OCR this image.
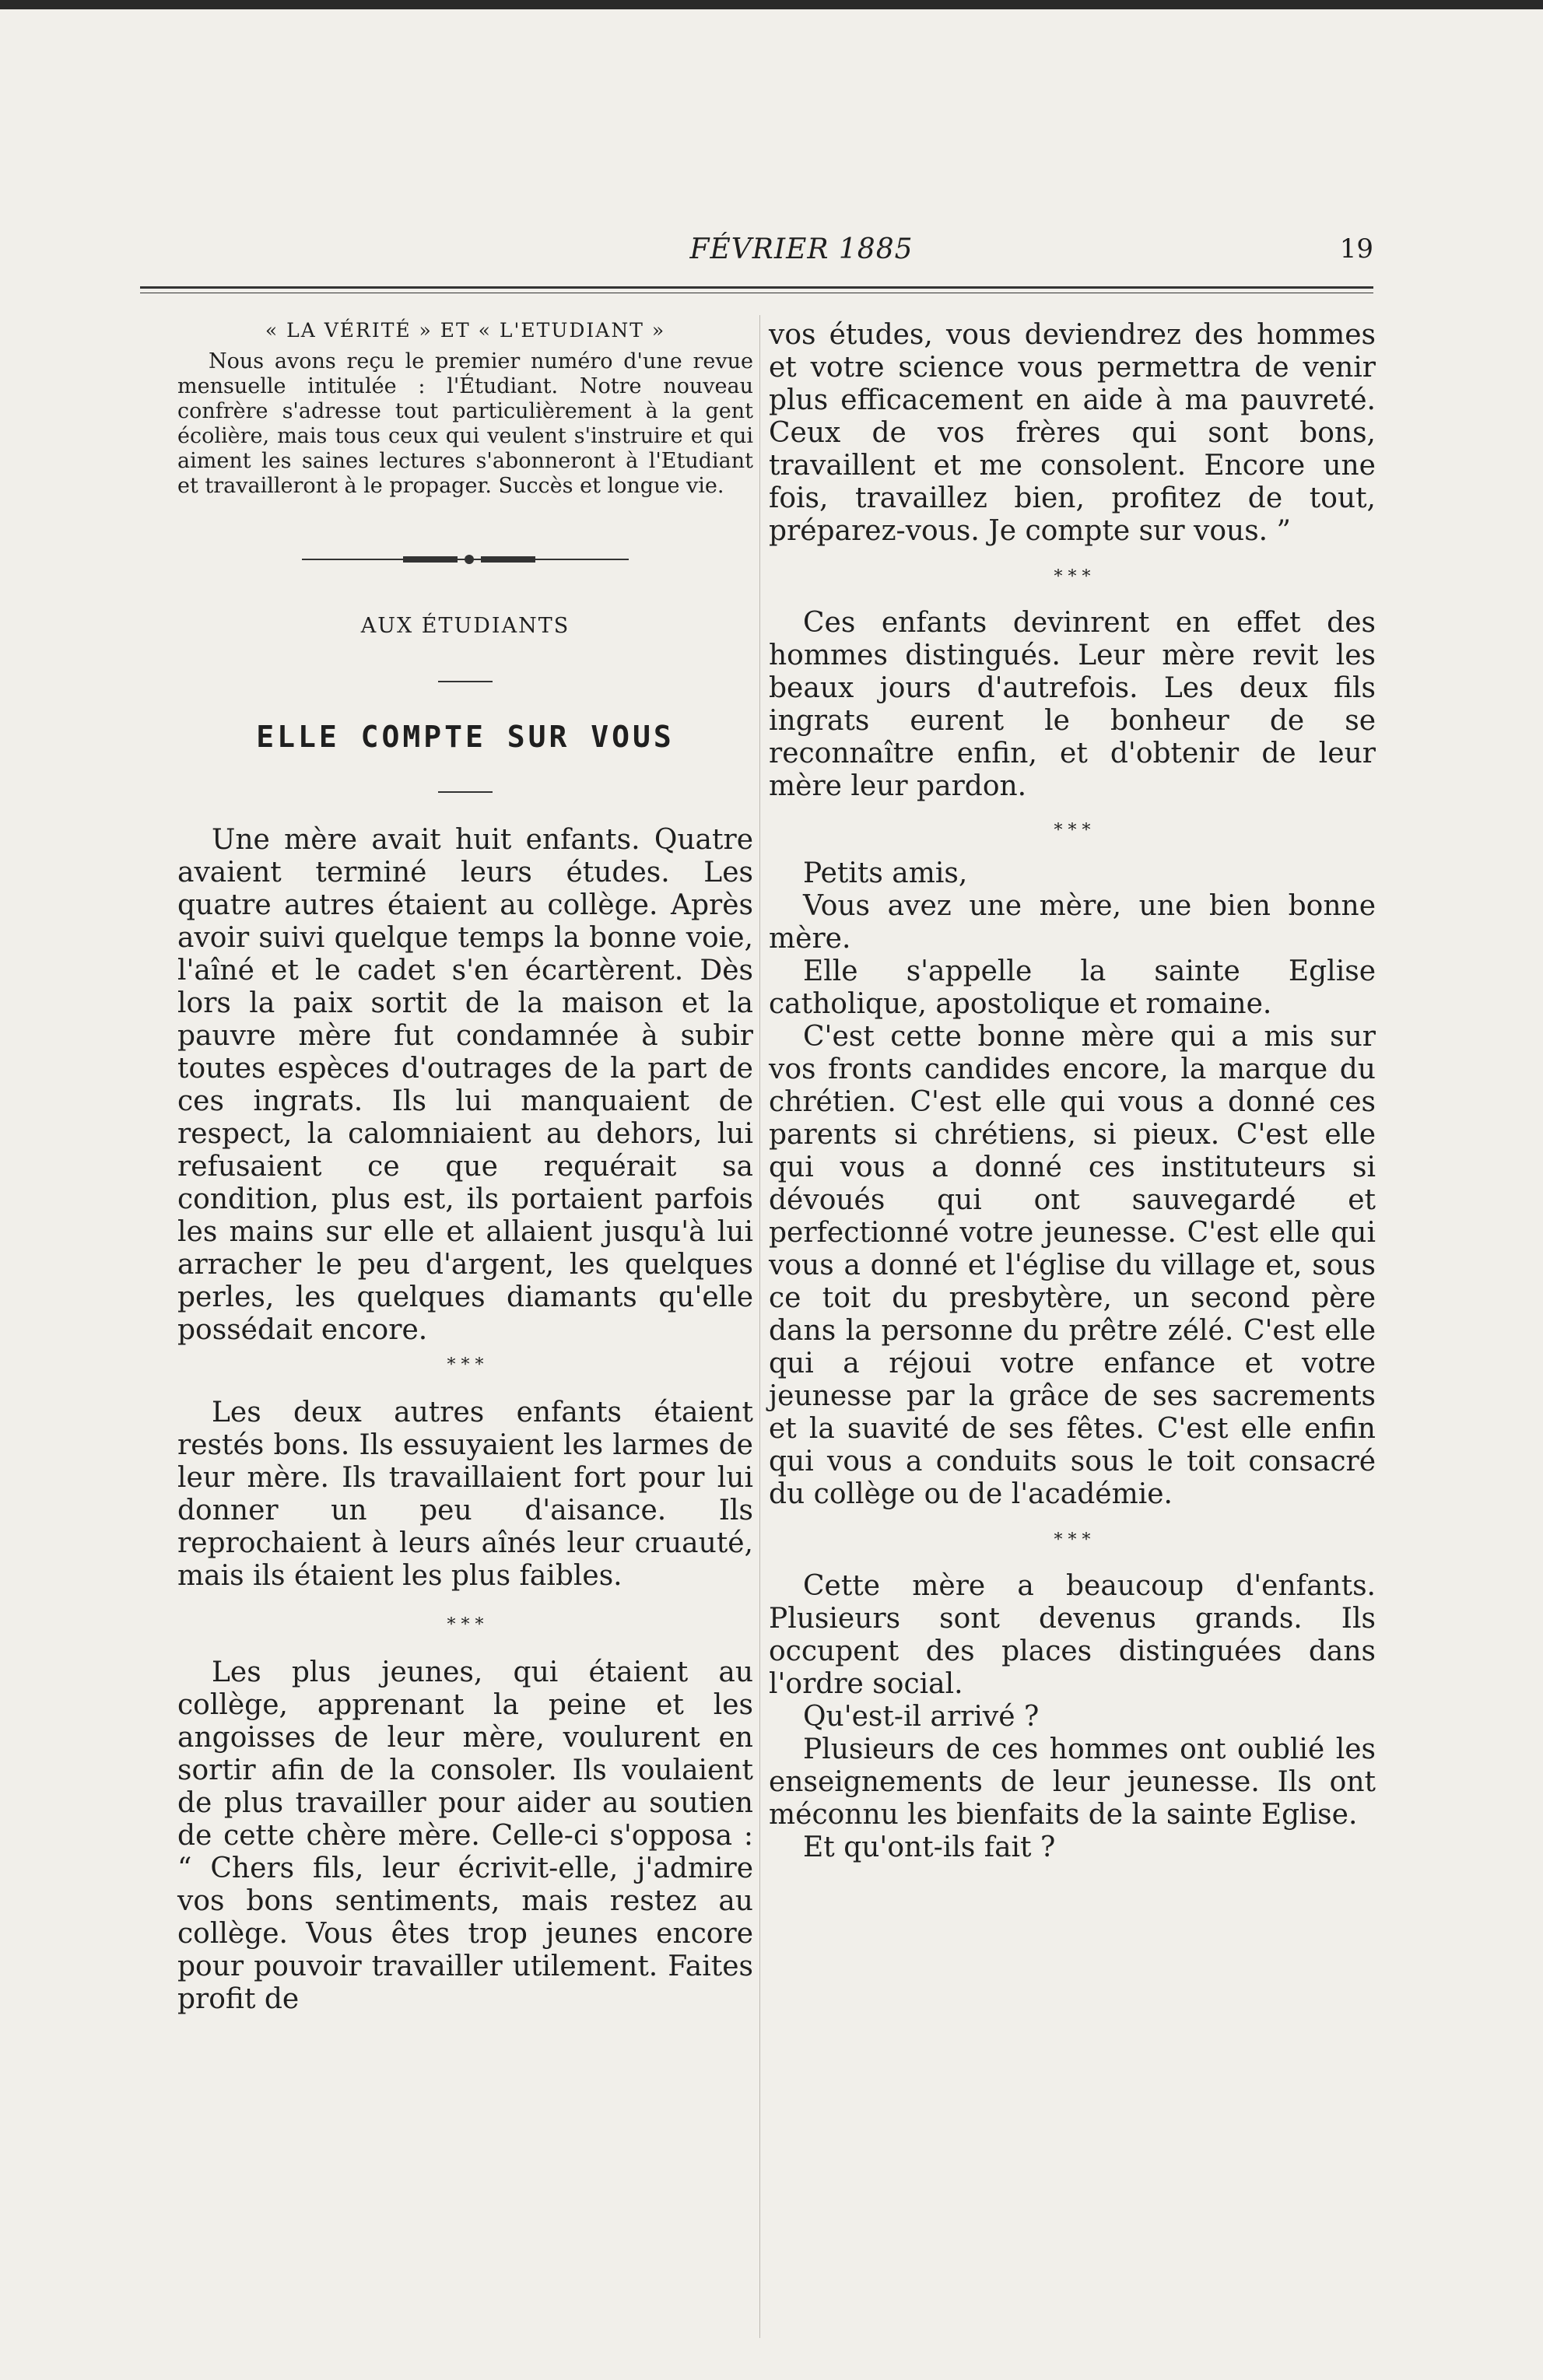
FÉVRIER 1885	19

« LA VÉRITÉ » ET « L'ETUDIANT »

Nous avons reçu le premier numéro d'une revue mensuelle intitulée : l'Étudiant. Notre nouveau confrère s'adresse tout particulièrement à la gent écolière, mais tous ceux qui veulent s'instruire et qui aiment les saines lectures s'abonneront à l'Etudiant et travailleront à le propager. Succès et longue vie.

AUX ÉTUDIANTS

ELLE COMPTE SUR VOUS

Une mère avait huit enfants. Quatre avaient terminé leurs études. Les quatre autres étaient au collège. Après avoir suivi quelque temps la bonne voie, l'aîné et le cadet s'en écartèrent. Dès lors la paix sortit de la maison et la pauvre mère fut condamnée à subir toutes espèces d'outrages de la part de ces ingrats. Ils lui manquaient de respect, la calomniaient au dehors, lui refusaient ce que requérait sa condition, plus est, ils portaient parfois les mains sur elle et allaient jusqu'à lui arracher le peu d'argent, les quelques perles, les quelques diamants qu'elle possédait encore.

* * *

Les deux autres enfants étaient restés bons. Ils essuyaient les larmes de leur mère. Ils travaillaient fort pour lui donner un peu d'aisance. Ils reprochaient à leurs aînés leur cruauté, mais ils étaient les plus faibles.

* * *

Les plus jeunes, qui étaient au collège, apprenant la peine et les angoisses de leur mère, voulurent en sortir afin de la consoler. Ils voulaient de plus travailler pour aider au soutien de cette chère mère. Celle-ci s'opposa : “ Chers fils, leur écrivit-elle, j'admire vos bons sentiments, mais restez au collège. Vous êtes trop jeunes encore pour pouvoir travailler utilement. Faites profit de

vos études, vous deviendrez des hommes et votre science vous permettra de venir plus efficacement en aide à ma pauvreté. Ceux de vos frères qui sont bons, travaillent et me consolent. Encore une fois, travaillez bien, profitez de tout, préparez-vous. Je compte sur vous. ”

* * *

Ces enfants devinrent en effet des hommes distingués. Leur mère revit les beaux jours d'autrefois. Les deux fils ingrats eurent le bonheur de se reconnaître enfin, et d'obtenir de leur mère leur pardon.

* * *

Petits amis,

Vous avez une mère, une bien bonne mère.

Elle s'appelle la sainte Eglise catholique, apostolique et romaine.

C'est cette bonne mère qui a mis sur vos fronts candides encore, la marque du chrétien. C'est elle qui vous a donné ces parents si chrétiens, si pieux. C'est elle qui vous a donné ces instituteurs si dévoués qui ont sauvegardé et perfectionné votre jeunesse. C'est elle qui vous a donné et l'église du village et, sous ce toit du presbytère, un second père dans la personne du prêtre zélé. C'est elle qui a réjoui votre enfance et votre jeunesse par la grâce de ses sacrements et la suavité de ses fêtes. C'est elle enfin qui vous a conduits sous le toit consacré du collège ou de l'académie.

* * *

Cette mère a beaucoup d'enfants. Plusieurs sont devenus grands. Ils occupent des places distinguées dans l'ordre social.

Qu'est-il arrivé ?

Plusieurs de ces hommes ont oublié les enseignements de leur jeunesse. Ils ont méconnu les bienfaits de la sainte Eglise.

Et qu'ont-ils fait ?
